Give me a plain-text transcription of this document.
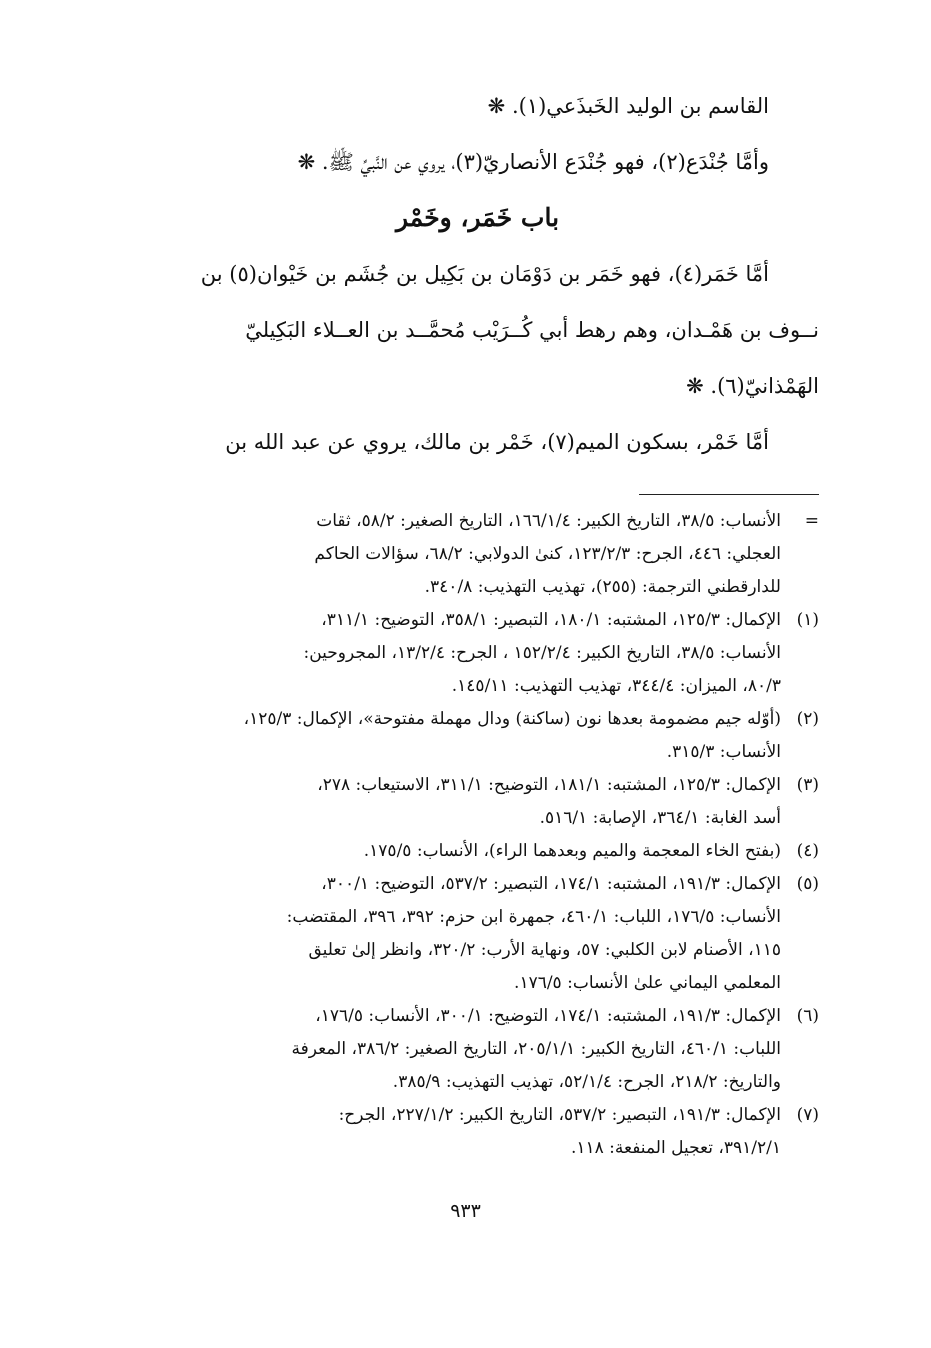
القاسم بن الوليد الخَبذَعي(١). ❋
وأمَّا جُنْدَع(٢)، فهو جُنْدَع الأنصاريّ(٣)، يروي عن النَّبيِّ ﷺ. ❋
باب خَمَر، وخَمْر
أمَّا خَمَر(٤)، فهو خَمَر بن دَوْمَان بن بَكِيل بن جُشَم بن خَيْوان(٥) بن
نــوف بن هَمْـدان، وهم رهط أبي كُــرَيْب مُحمَّــد بن العــلاء البَكِيليّ
الهَمْذانيّ(٦). ❋
أمَّا خَمْر، بسكون الميم(٧)، خَمْر بن مالك، يروي عن عبد الله بن
=
الأنساب: ٣٨/٥، التاريخ الكبير: ١٦٦/١/٤، التاريخ الصغير: ٥٨/٢، ثقات
العجلي: ٤٤٦، الجرح: ١٢٣/٢/٣، كنىٰ الدولابي: ٦٨/٢، سؤالات الحاكم
للدارقطني الترجمة: (٢٥٥)، تهذيب التهذيب: ٣٤٠/٨.
(١)
الإكمال: ١٢٥/٣، المشتبه: ١٨٠/١، التبصير: ٣٥٨/١، التوضيح: ٣١١/١،
الأنساب: ٣٨/٥، التاريخ الكبير: ١٥٢/٢/٤ ، الجرح: ١٣/٢/٤، المجروحين:
٨٠/٣، الميزان: ٣٤٤/٤، تهذيب التهذيب: ١٤٥/١١.
(٢)
(أوّله جيم مضمومة بعدها نون (ساكنة) ودال مهملة مفتوحة»، الإكمال: ١٢٥/٣،
الأنساب: ٣١٥/٣.
(٣)
الإكمال: ١٢٥/٣، المشتبه: ١٨١/١، التوضيح: ٣١١/١، الاستيعاب: ٢٧٨،
أسد الغابة: ٣٦٤/١، الإصابة: ٥١٦/١.
(٤)
(بفتح الخاء المعجمة والميم وبعدهما الراء)، الأنساب: ١٧٥/٥.
(٥)
الإكمال: ١٩١/٣، المشتبه: ١٧٤/١، التبصير: ٥٣٧/٢، التوضيح: ٣٠٠/١،
الأنساب: ١٧٦/٥، اللباب: ٤٦٠/١، جمهرة ابن حزم: ٣٩٢، ٣٩٦، المقتضب:
١١٥، الأصنام لابن الكلبي: ٥٧، ونهاية الأرب: ٣٢٠/٢، وانظر إلىٰ تعليق
المعلمي اليماني علىٰ الأنساب: ١٧٦/٥.
(٦)
الإكمال: ١٩١/٣، المشتبه: ١٧٤/١، التوضيح: ٣٠٠/١، الأنساب: ١٧٦/٥،
اللباب: ٤٦٠/١، التاريخ الكبير: ٢٠٥/١/١، التاريخ الصغير: ٣٨٦/٢، المعرفة
والتاريخ: ٢١٨/٢، الجرح: ٥٢/١/٤، تهذيب التهذيب: ٣٨٥/٩.
(٧)
الإكمال: ١٩١/٣، التبصير: ٥٣٧/٢، التاريخ الكبير: ٢٢٧/١/٢، الجرح:
٣٩١/٢/١، تعجيل المنفعة: ١١٨.
٩٣٣
